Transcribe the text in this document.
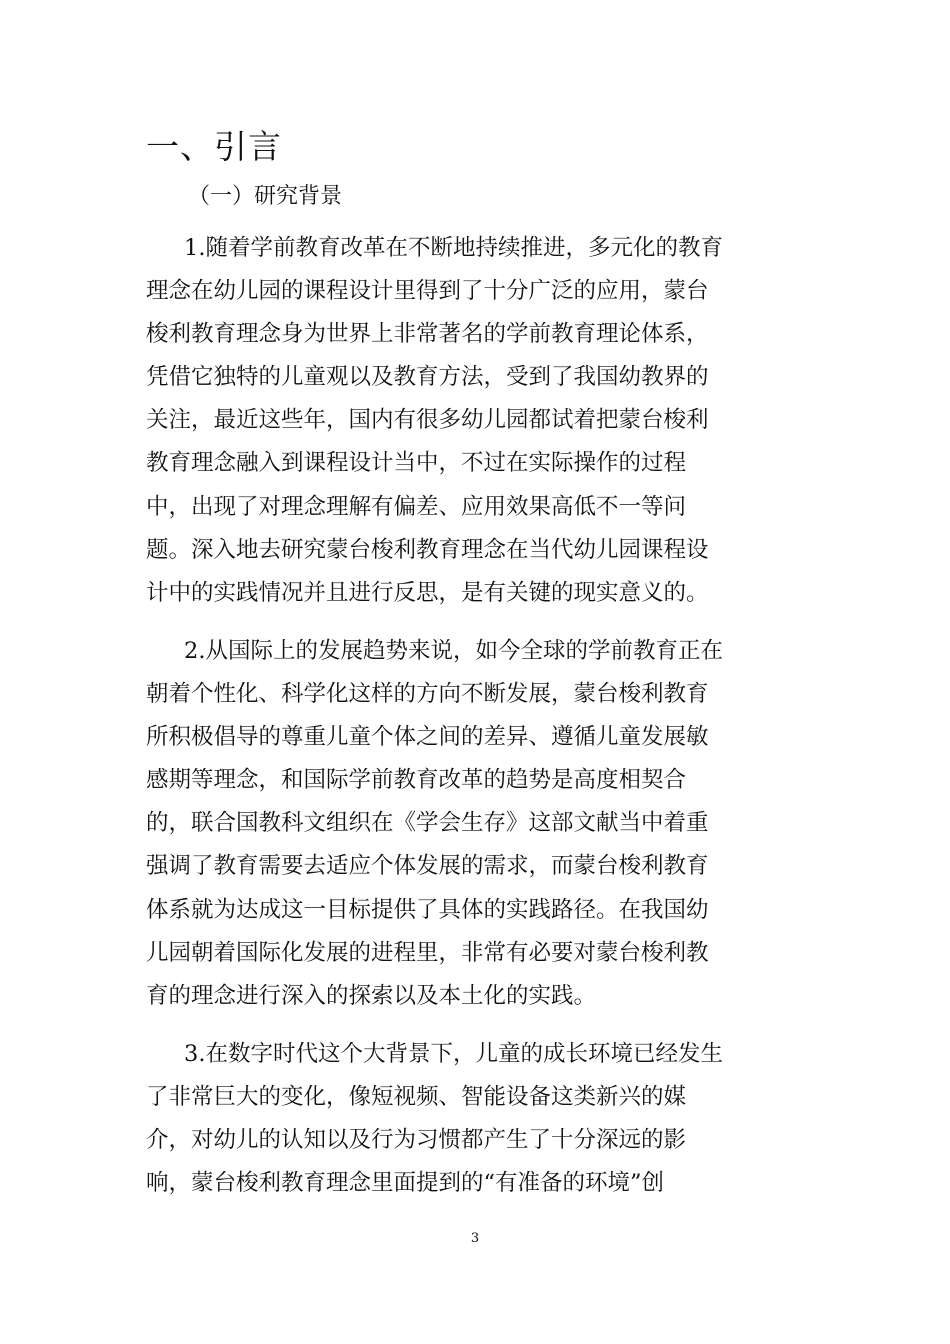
一、引言
（一）研究背景
1.随着学前教育改革在不断地持续推进，多元化的教育
理念在幼儿园的课程设计里得到了十分广泛的应用，蒙台
梭利教育理念身为世界上非常著名的学前教育理论体系，
凭借它独特的儿童观以及教育方法，受到了我国幼教界的
关注，最近这些年，国内有很多幼儿园都试着把蒙台梭利
教育理念融入到课程设计当中，不过在实际操作的过程
中，出现了对理念理解有偏差、应用效果高低不一等问
题。深入地去研究蒙台梭利教育理念在当代幼儿园课程设
计中的实践情况并且进行反思，是有关键的现实意义的。
2.从国际上的发展趋势来说，如今全球的学前教育正在
朝着个性化、科学化这样的方向不断发展，蒙台梭利教育
所积极倡导的尊重儿童个体之间的差异、遵循儿童发展敏
感期等理念，和国际学前教育改革的趋势是高度相契合
的，联合国教科文组织在《学会生存》这部文献当中着重
强调了教育需要去适应个体发展的需求，而蒙台梭利教育
体系就为达成这一目标提供了具体的实践路径。在我国幼
儿园朝着国际化发展的进程里，非常有必要对蒙台梭利教
育的理念进行深入的探索以及本土化的实践。
3.在数字时代这个大背景下，儿童的成长环境已经发生
了非常巨大的变化，像短视频、智能设备这类新兴的媒
介，对幼儿的认知以及行为习惯都产生了十分深远的影
响，蒙台梭利教育理念里面提到的“有准备的环境”创
3
